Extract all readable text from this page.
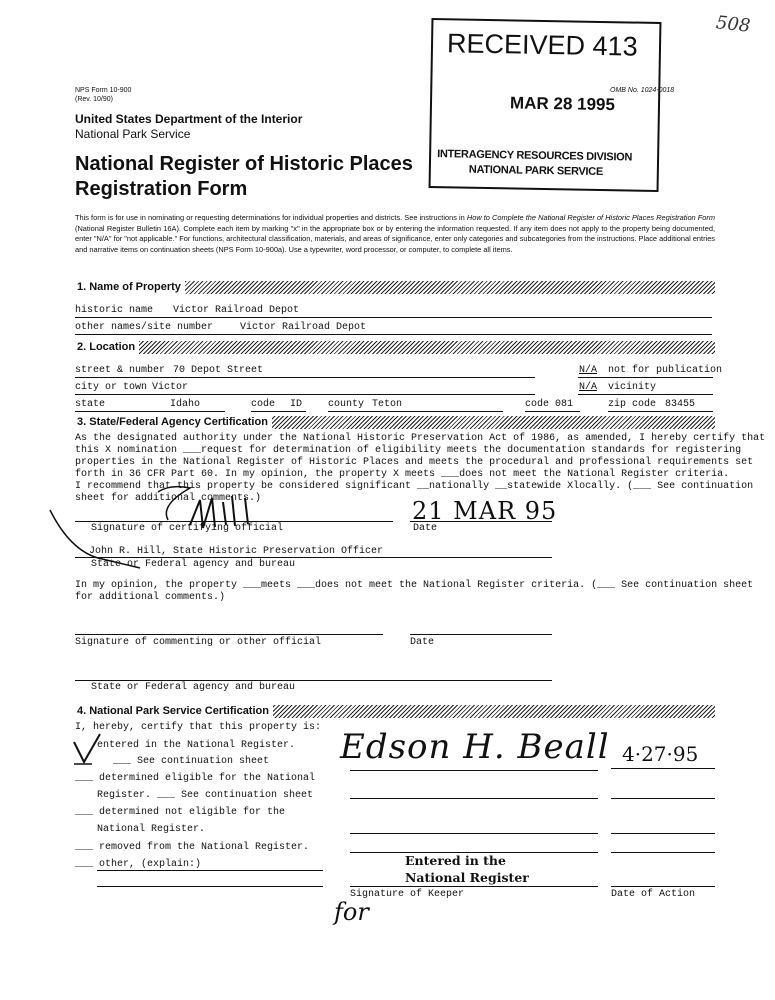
508
NPS Form 10-900
(Rev. 10/90)
OMB No. 1024-0018
RECEIVED 413
MAR 28 1995
INTERAGENCY RESOURCES DIVISION
NATIONAL PARK SERVICE
United States Department of the Interior
National Park Service
National Register of Historic Places
Registration Form
This form is for use in nominating or requesting determinations for individual properties and districts. See instructions in How to Complete the National Register of Historic Places Registration Form (National Register Bulletin 16A). Complete each item by marking "x" in the appropriate box or by entering the information requested. If any item does not apply to the property being documented, enter "N/A" for "not applicable." For functions, architectural classification, materials, and areas of significance, enter only categories and subcategories from the instructions. Place additional entries and narrative items on continuation sheets (NPS Form 10-900a). Use a typewriter, word processor, or computer, to complete all items.
1. Name of Property
historic name Victor Railroad Depot
other names/site number	Victor Railroad Depot
2. Location
street & number 70 Depot Street	N/A not for publication
city or town Victor	N/A vicinity
state	Idaho	code ID	county Teton	code 081	zip code 83455
3. State/Federal Agency Certification
As the designated authority under the National Historic Preservation Act of 1986, as amended, I hereby certify that
this X nomination ___request for determination of eligibility meets the documentation standards for registering
properties in the National Register of Historic Places and meets the procedural and professional requirements set
forth in 36 CFR Part 60. In my opinion, the property X meets ___does not meet the National Register criteria.
I recommend that this property be considered significant __nationally __statewide Xlocally. (___ See continuation
sheet for additional comments.)
Signature of certifying official
21 MAR 95
Date
John R. Hill, State Historic Preservation Officer
State or Federal agency and bureau
In my opinion, the property ___meets ___does not meet the National Register criteria. (___ See continuation sheet
for additional comments.)
Signature of commenting or other official	Date
State or Federal agency and bureau
4. National Park Service Certification
I, hereby, certify that this property is:
entered in the National Register.
___ See continuation sheet
___ determined eligible for the National
Register. ___ See continuation sheet
___ determined not eligible for the
National Register.
___ removed from the National Register.
___ other, (explain:)
Edson H. Beall 4·27·95
Entered in the
National Register
Signature of Keeper	Date of Action
for
